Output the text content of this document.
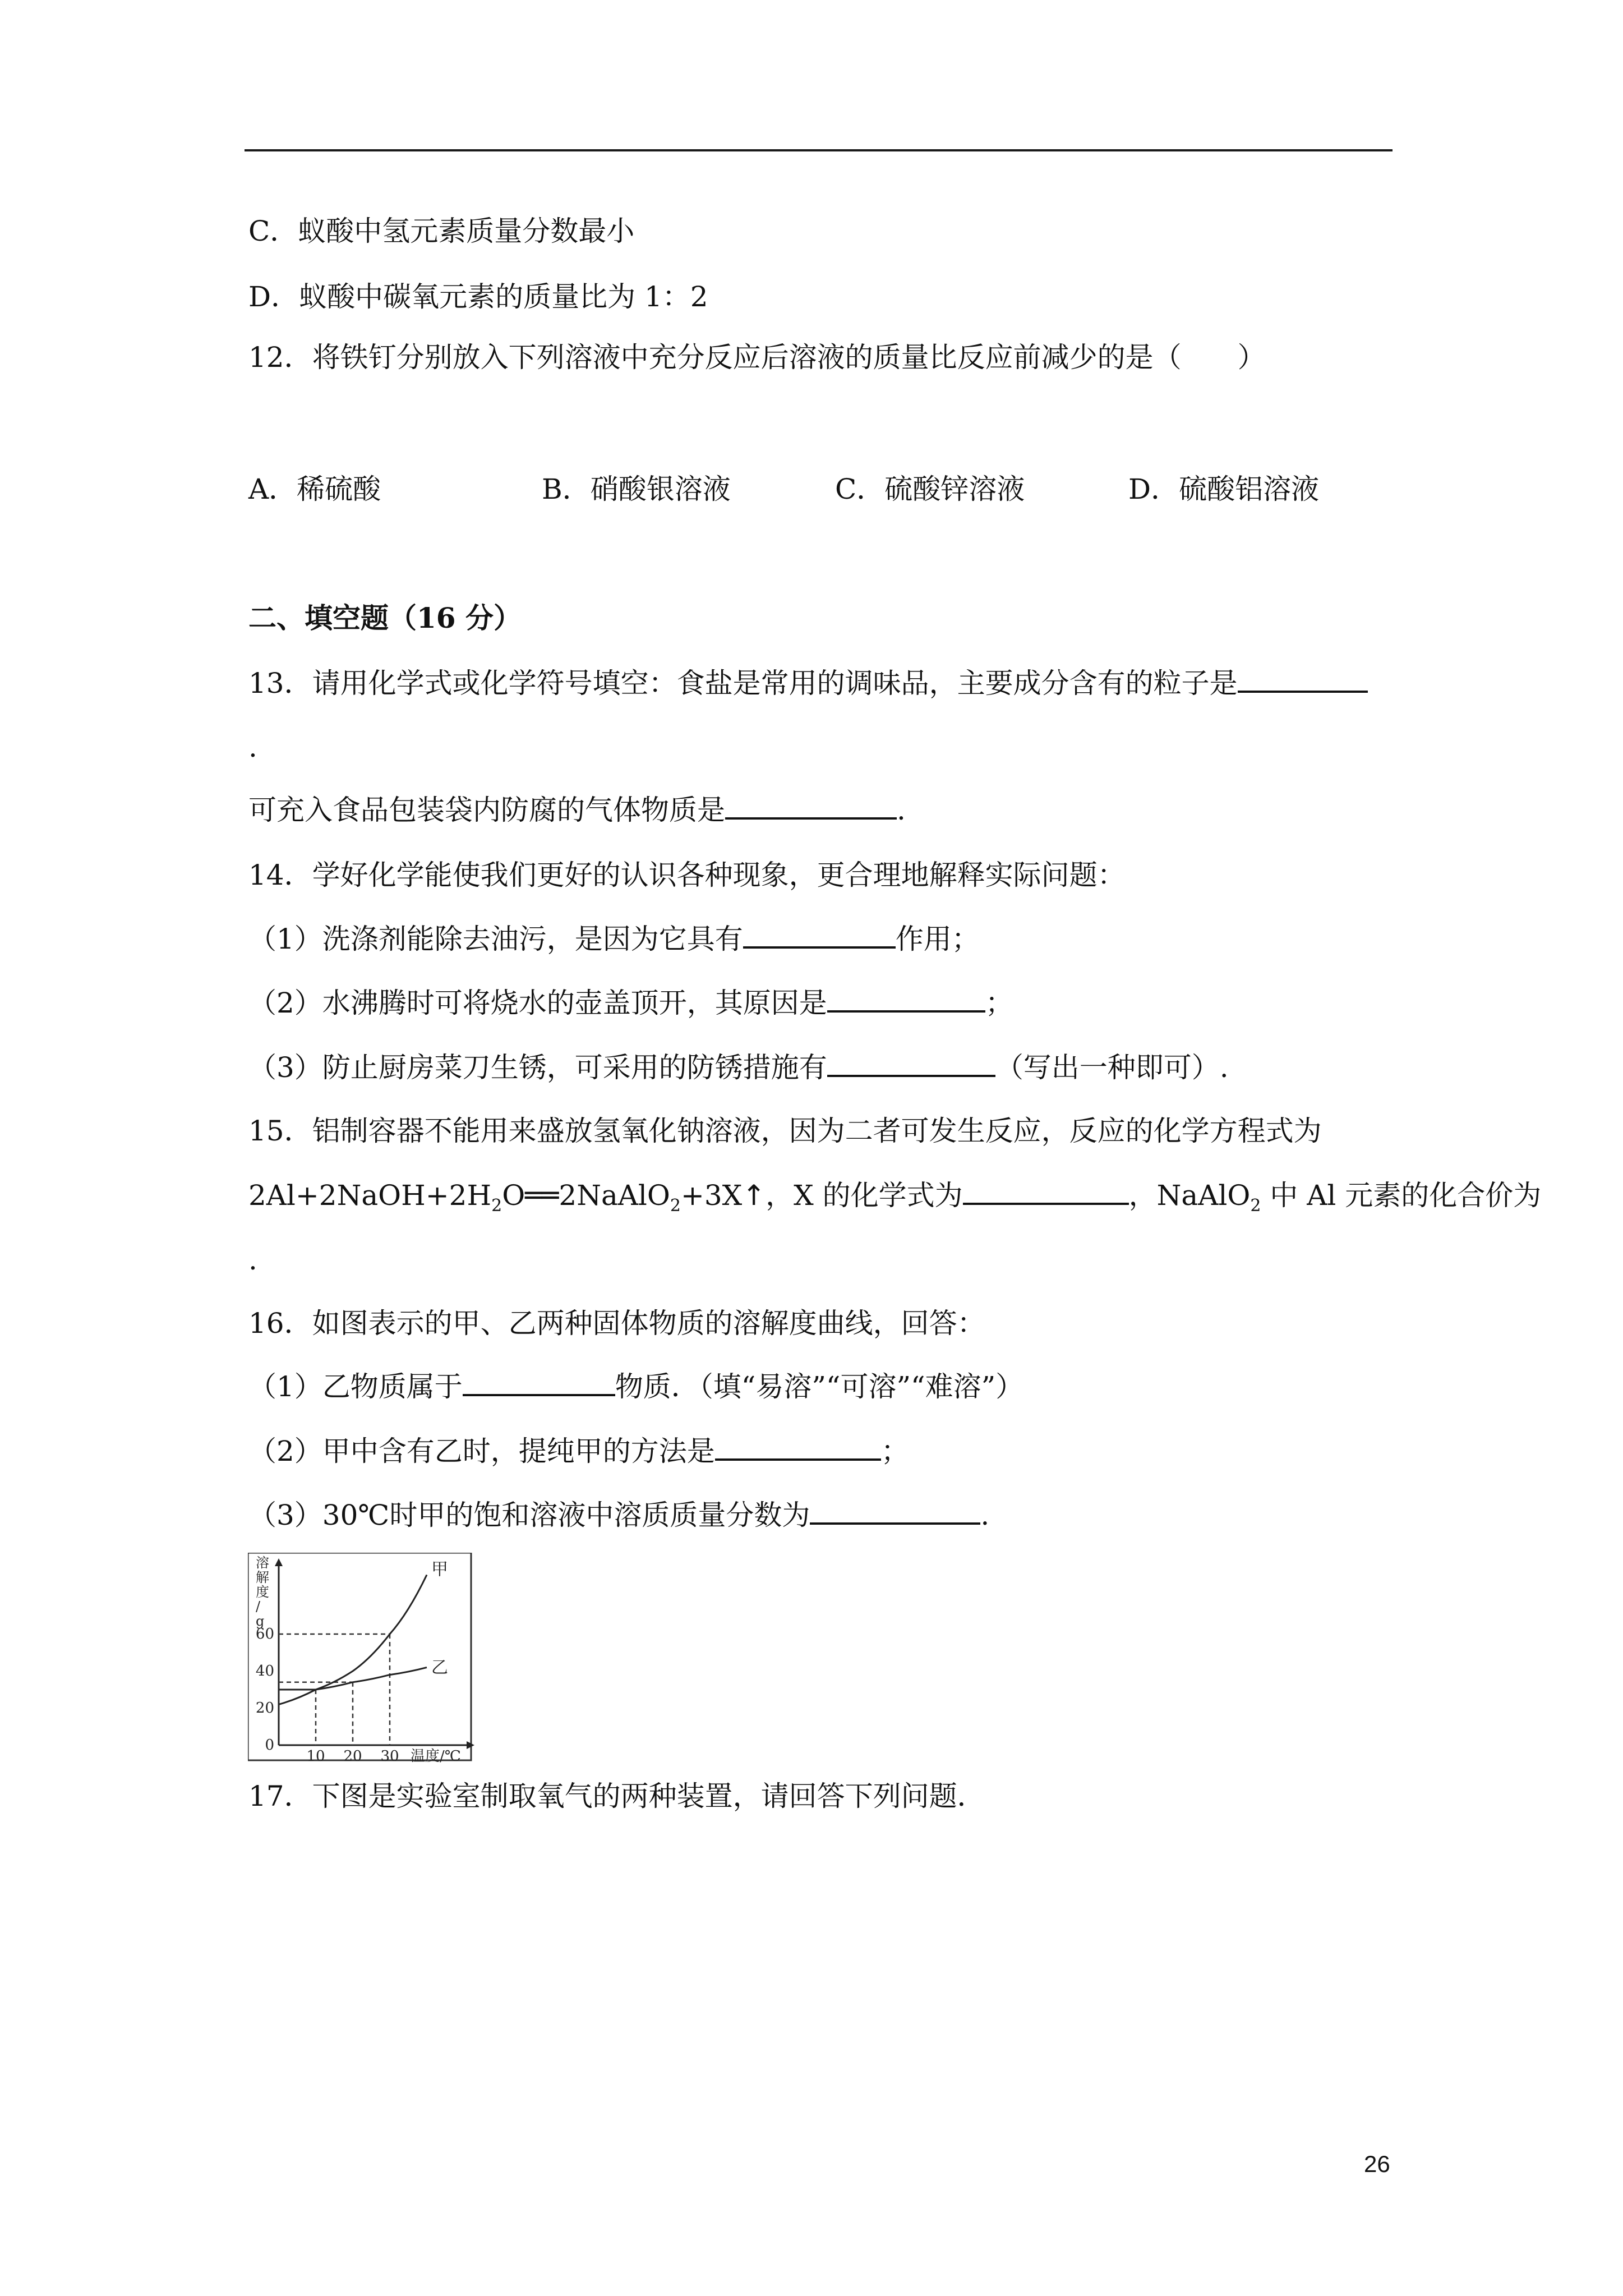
C．蚁酸中氢元素质量分数最小
D．蚁酸中碳氧元素的质量比为 1：2
12．将铁钉分别放入下列溶液中充分反应后溶液的质量比反应前减少的是（　　）
A．稀硫酸	B．硝酸银溶液	C．硫酸锌溶液	D．硫酸铝溶液
二、填空题（16 分）
13．请用化学式或化学符号填空：食盐是常用的调味品，主要成分含有的粒子是
.
可充入食品包装袋内防腐的气体物质是	.
14．学好化学能使我们更好的认识各种现象，更合理地解释实际问题：
（1）洗涤剂能除去油污，是因为它具有	作用；
（2）水沸腾时可将烧水的壶盖顶开，其原因是	；
（3）防止厨房菜刀生锈，可采用的防锈措施有	（写出一种即可）.
15．铝制容器不能用来盛放氢氧化钠溶液，因为二者可发生反应，反应的化学方程式为
$2Al+2NaOH+2H_2O══2NaAlO_2+3X↑$，X 的化学式为	，NaAlO$_2$ 中 Al 元素的化合价为
.
16．如图表示的甲、乙两种固体物质的溶解度曲线，回答：
（1）乙物质属于	物质．（填“易溶”“可溶”“难溶”）
（2）甲中含有乙时，提纯甲的方法是	；
（3）30℃时甲的饱和溶液中溶质质量分数为	.
溶解度/ g
0
20
40
60
10 20 30 温度/℃
甲
乙
17．下图是实验室制取氧气的两种装置，请回答下列问题．
26
